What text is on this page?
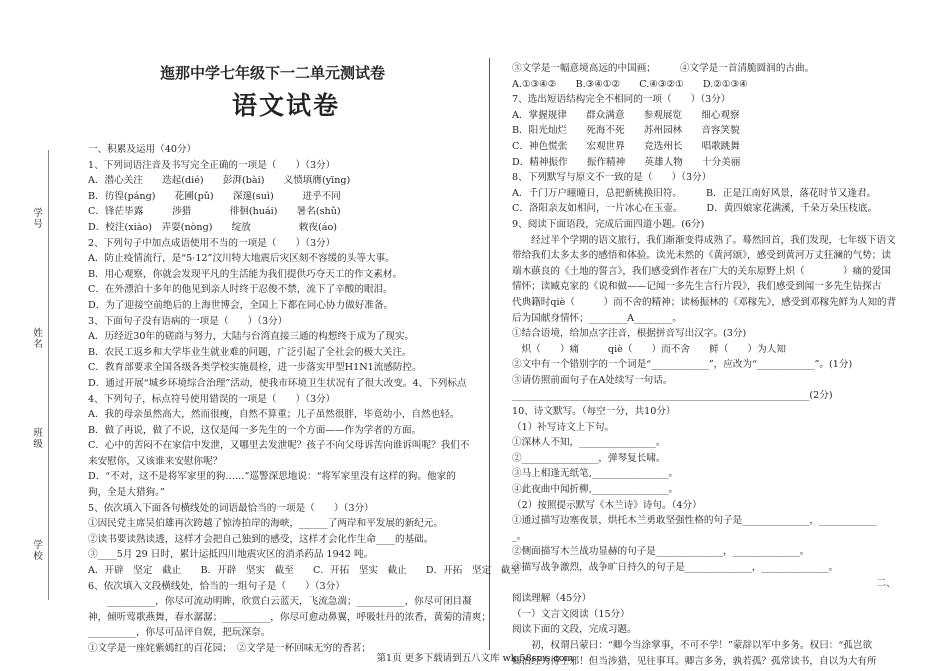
学号
姓名
班级
学校
迤那中学七年级下一二单元测试卷
语文试卷
一、积累及运用（40分）
1、下列词语注音及书写完全正确的一项是（　　）（3分）
A．潜心关注　　迭起(dié)　　彭湃(bài)　　义愤填膺(yīng)
B．彷徨(pánɡ)　　花圃(pǔ)　　深邃(suì)　　　迸乎不同
C．锋茫毕露　　　涉猎　　　　徘徊(huái)　　暑名(shǔ)
D．校注(xiào)　弄耍(nònɡ)　　绽放　　　　　敕夜(áo)
2、下列句子中加点成语使用不当的一项是（　　）（3分）
A．防止疫情流行，是“5·12”汶川特大地震后灾区刻不容缓的头等大事。
B．用心观察，你就会发现平凡的生活能为我们提供巧夺天工的作文素材。
C．在外漂泊十多年的他见到亲人时终于忍俊不禁，流下了辛酸的眼泪。
D．为了迎接空前绝后的上海世博会，全国上下都在同心协力做好准备。
3、下面句子没有语病的一项是（　　）（3分）
A．历经近30年的磋商与努力，大陆与台湾直接三通的构想终于成为了现实。
B．农民工返乡和大学毕业生就业难的问题，广泛引起了全社会的极大关注。
C．教育部要求全国各级各类学校实施晨检，进一步落实甲型H1N1流感防控。
D．通过开展“城乡环境综合治理”活动，使我市环境卫生状况有了很大改变。4、下列标点
4、下列句子，标点符号使用错误的一项是（　　）（3分）
A．我的母亲虽然高大，然而很瘦，自然不算重；儿子虽然很胖，毕竟幼小，自然也轻。
B．做了再说，做了不说，这仅是闻一多先生的一个方面——作为学者的方面。
C．心中的苦闷不在家信中发泄，又哪里去发泄呢？孩子不向父母诉苦向谁诉叫呢？我们不
来安慰你，又该谁来安慰你呢？
D．“不对，这不是将军家里的狗……”巡警深思地说：“将军家里没有这样的狗。他家的
狗，全是大猎狗。”
5、依次填入下面各句横线处的词语最恰当的一项是（　　）（3分）
①因民党主席吴伯雄再次跨越了惊涛拍岸的海峡，______了两岸和平发展的新纪元。
②读书要读熟读透，这样才会把自己独到的感受，这样才会化作生命____的基础。
③____5月 29 日时，累计运抵四川地震灾区的消杀药品 1942 吨。
A．开辟　坚定　截止　　B．开辟　坚实　截至　　C．开拓　坚实　截止　　D．开拓　坚定　截至
6、依次填入文段横线处，恰当的一组句子是（　　）（3分）
　　__________，你尽可流动明眸，欣赏白云蓝天，飞流急湍；__________，你尽可闭目凝
神，倾听莺歌燕舞，春水潺潺；__________，你尽可愈动鼻翼，呼吸牡丹的浓香，黄菊的清爽；
__________，你尽可品评自娱，把玩深奈。
①文学是一座姹紫嫣红的百花园；　②文学是一杯回味无穷的香茗；
③文学是一幅意境高远的中国画；　　　④文学是一首清脆圆润的古曲。
A.①③④②　　B.③④①②　　C.④③②①　　D.②①③④
7、选出短语结构完全不相同的一项（　　）（3分）
A．掌握规律　　群众满意　　参观展览　　细心观察
B．阳光灿烂　　死海不死　　苏州园林　　音容笑貌
C．神色慌张　　宏观世界　　竞选州长　　唱歌跳舞
D．精神振作　　振作精神　　英雄人物　　十分美丽
8、下列默写与原文不一致的是（　　）（3分）
A．千门万户曈曈日，总把新桃换旧符。　　　B．正是江南好风景，落花时节又逢君。
C．洛阳亲友如相问，一片冰心在玉壶。　　　D．黄四娘家花满溪，千朵万朵压枝底。
9、阅读下面语段，完成后面四道小题。(6分)
　　经过半个学期的语文旅行，我们渐渐变得成熟了。蓦然回首，我们发现，七年级下语文
带给我们太多太多的感悟和体验。读光未然的《黄河颂》，感受到黄河万丈狂澜的气势；读
端木蕻良的《土地的誓言》，我们感受到作者在广大的关东原野上炽（　　　　）痛的爱国
情怀；读臧克家的《说和做——记闻一多先生言行片段》，我们感受到闻一多先生钻探古
代典籍时qiè（　　　）而不舍的精神；读杨振林的《邓稼先》，感受到邓稼先鲜为人知的背
后为国献身情怀；________A________。
①结合语境，给加点字注音，根据拼音写出汉字。(3分)
　炽（　　）痛　　　qiè（　　）而不舍　　鲜（　　）为人知
②文中有一个错别字的一个词是“____________”，应改为“____________”。(1分)
③请仿照前面句子在A处续写一句话。
______________________________________________________________(2分)
10、诗文默写。（每空一分，共10分）
（1）补写诗文上下句。
①深林人不知，________________。
②________________，弹琴复长啸。
③马上相逢无纸笔,________________。
④此夜曲中闻折柳,________________。
（2）按照提示默写《木兰诗》诗句。（4分）
①通过描写边塞夜景，烘托木兰勇敢坚强性格的句子是______________，____________
_。
②侧面描写木兰战功显赫的句子是______________，______________。
③描写战争激烈，战争旷日持久的句子是______________，______________。
　　　　　　　　　　　　　　　　　　　　　　　　　　　　　　　　　　　　　　二、
阅读理解（45分）
（一）文言文阅读（15分）
阅读下面的文段，完成习题。
　　初，权谓吕蒙曰：“卿今当涂掌事，不可不学！”蒙辞以军中多务。权曰：“孤岂欲
卿治经为博士邪！但当涉猎，见往事耳。卿言多务，孰若孤？孤常读书，自以为大有所
第1页 更多下载请到五八文库 wk.58sms.com
